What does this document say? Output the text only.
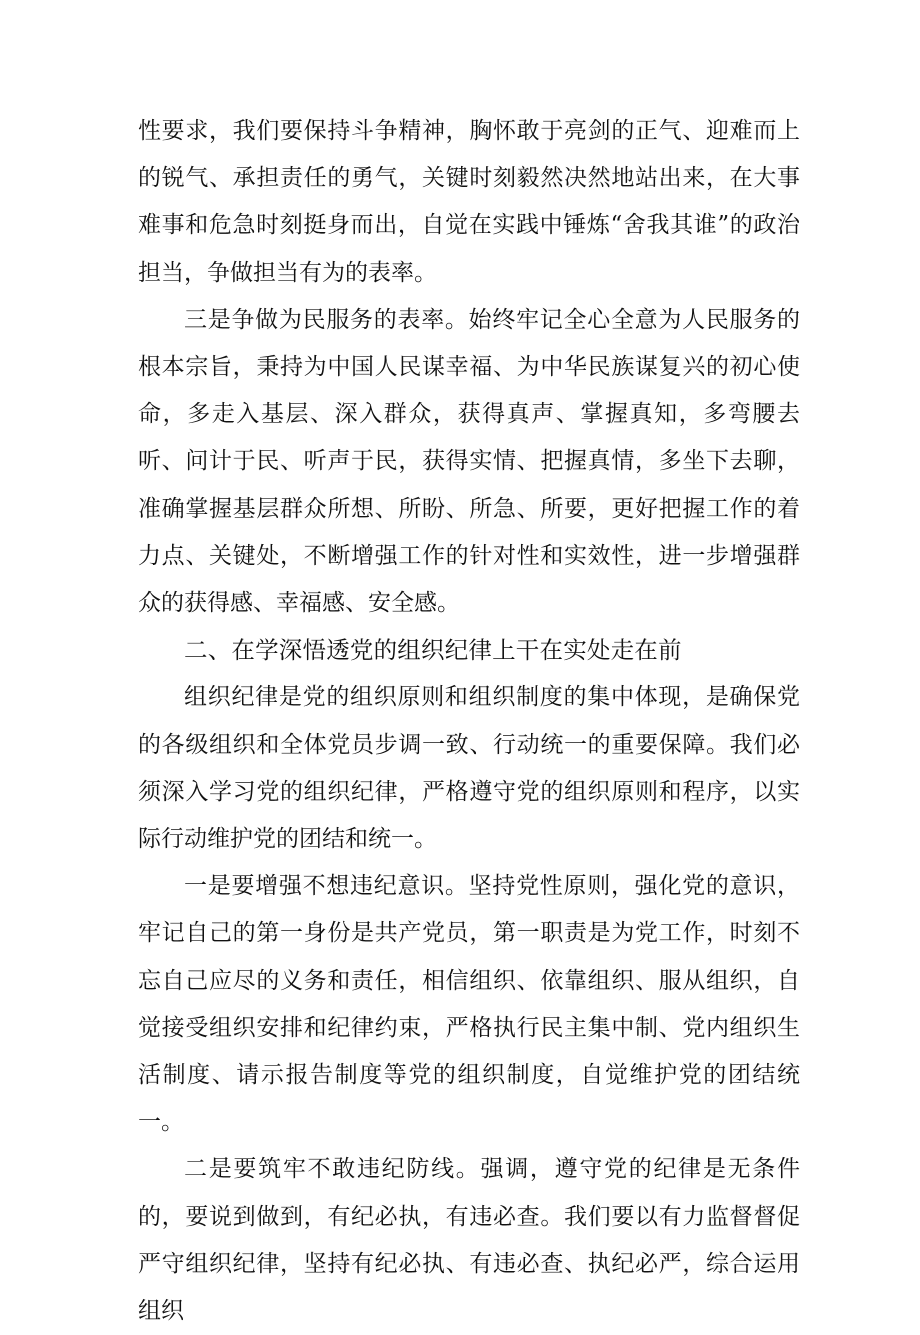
性要求，我们要保持斗争精神，胸怀敢于亮剑的正气、迎难而上的锐气、承担责任的勇气，关键时刻毅然决然地站出来，在大事难事和危急时刻挺身而出，自觉在实践中锤炼“舍我其谁”的政治担当，争做担当有为的表率。

三是争做为民服务的表率。始终牢记全心全意为人民服务的根本宗旨，秉持为中国人民谋幸福、为中华民族谋复兴的初心使命，多走入基层、深入群众，获得真声、掌握真知，多弯腰去听、问计于民、听声于民，获得实情、把握真情，多坐下去聊，准确掌握基层群众所想、所盼、所急、所要，更好把握工作的着力点、关键处，不断增强工作的针对性和实效性，进一步增强群众的获得感、幸福感、安全感。

二、在学深悟透党的组织纪律上干在实处走在前

组织纪律是党的组织原则和组织制度的集中体现，是确保党的各级组织和全体党员步调一致、行动统一的重要保障。我们必须深入学习党的组织纪律，严格遵守党的组织原则和程序，以实际行动维护党的团结和统一。

一是要增强不想违纪意识。坚持党性原则，强化党的意识，牢记自己的第一身份是共产党员，第一职责是为党工作，时刻不忘自己应尽的义务和责任，相信组织、依靠组织、服从组织，自觉接受组织安排和纪律约束，严格执行民主集中制、党内组织生活制度、请示报告制度等党的组织制度，自觉维护党的团结统一。

二是要筑牢不敢违纪防线。强调，遵守党的纪律是无条件的，要说到做到，有纪必执，有违必查。我们要以有力监督督促严守组织纪律，坚持有纪必执、有违必查、执纪必严，综合运用组织
